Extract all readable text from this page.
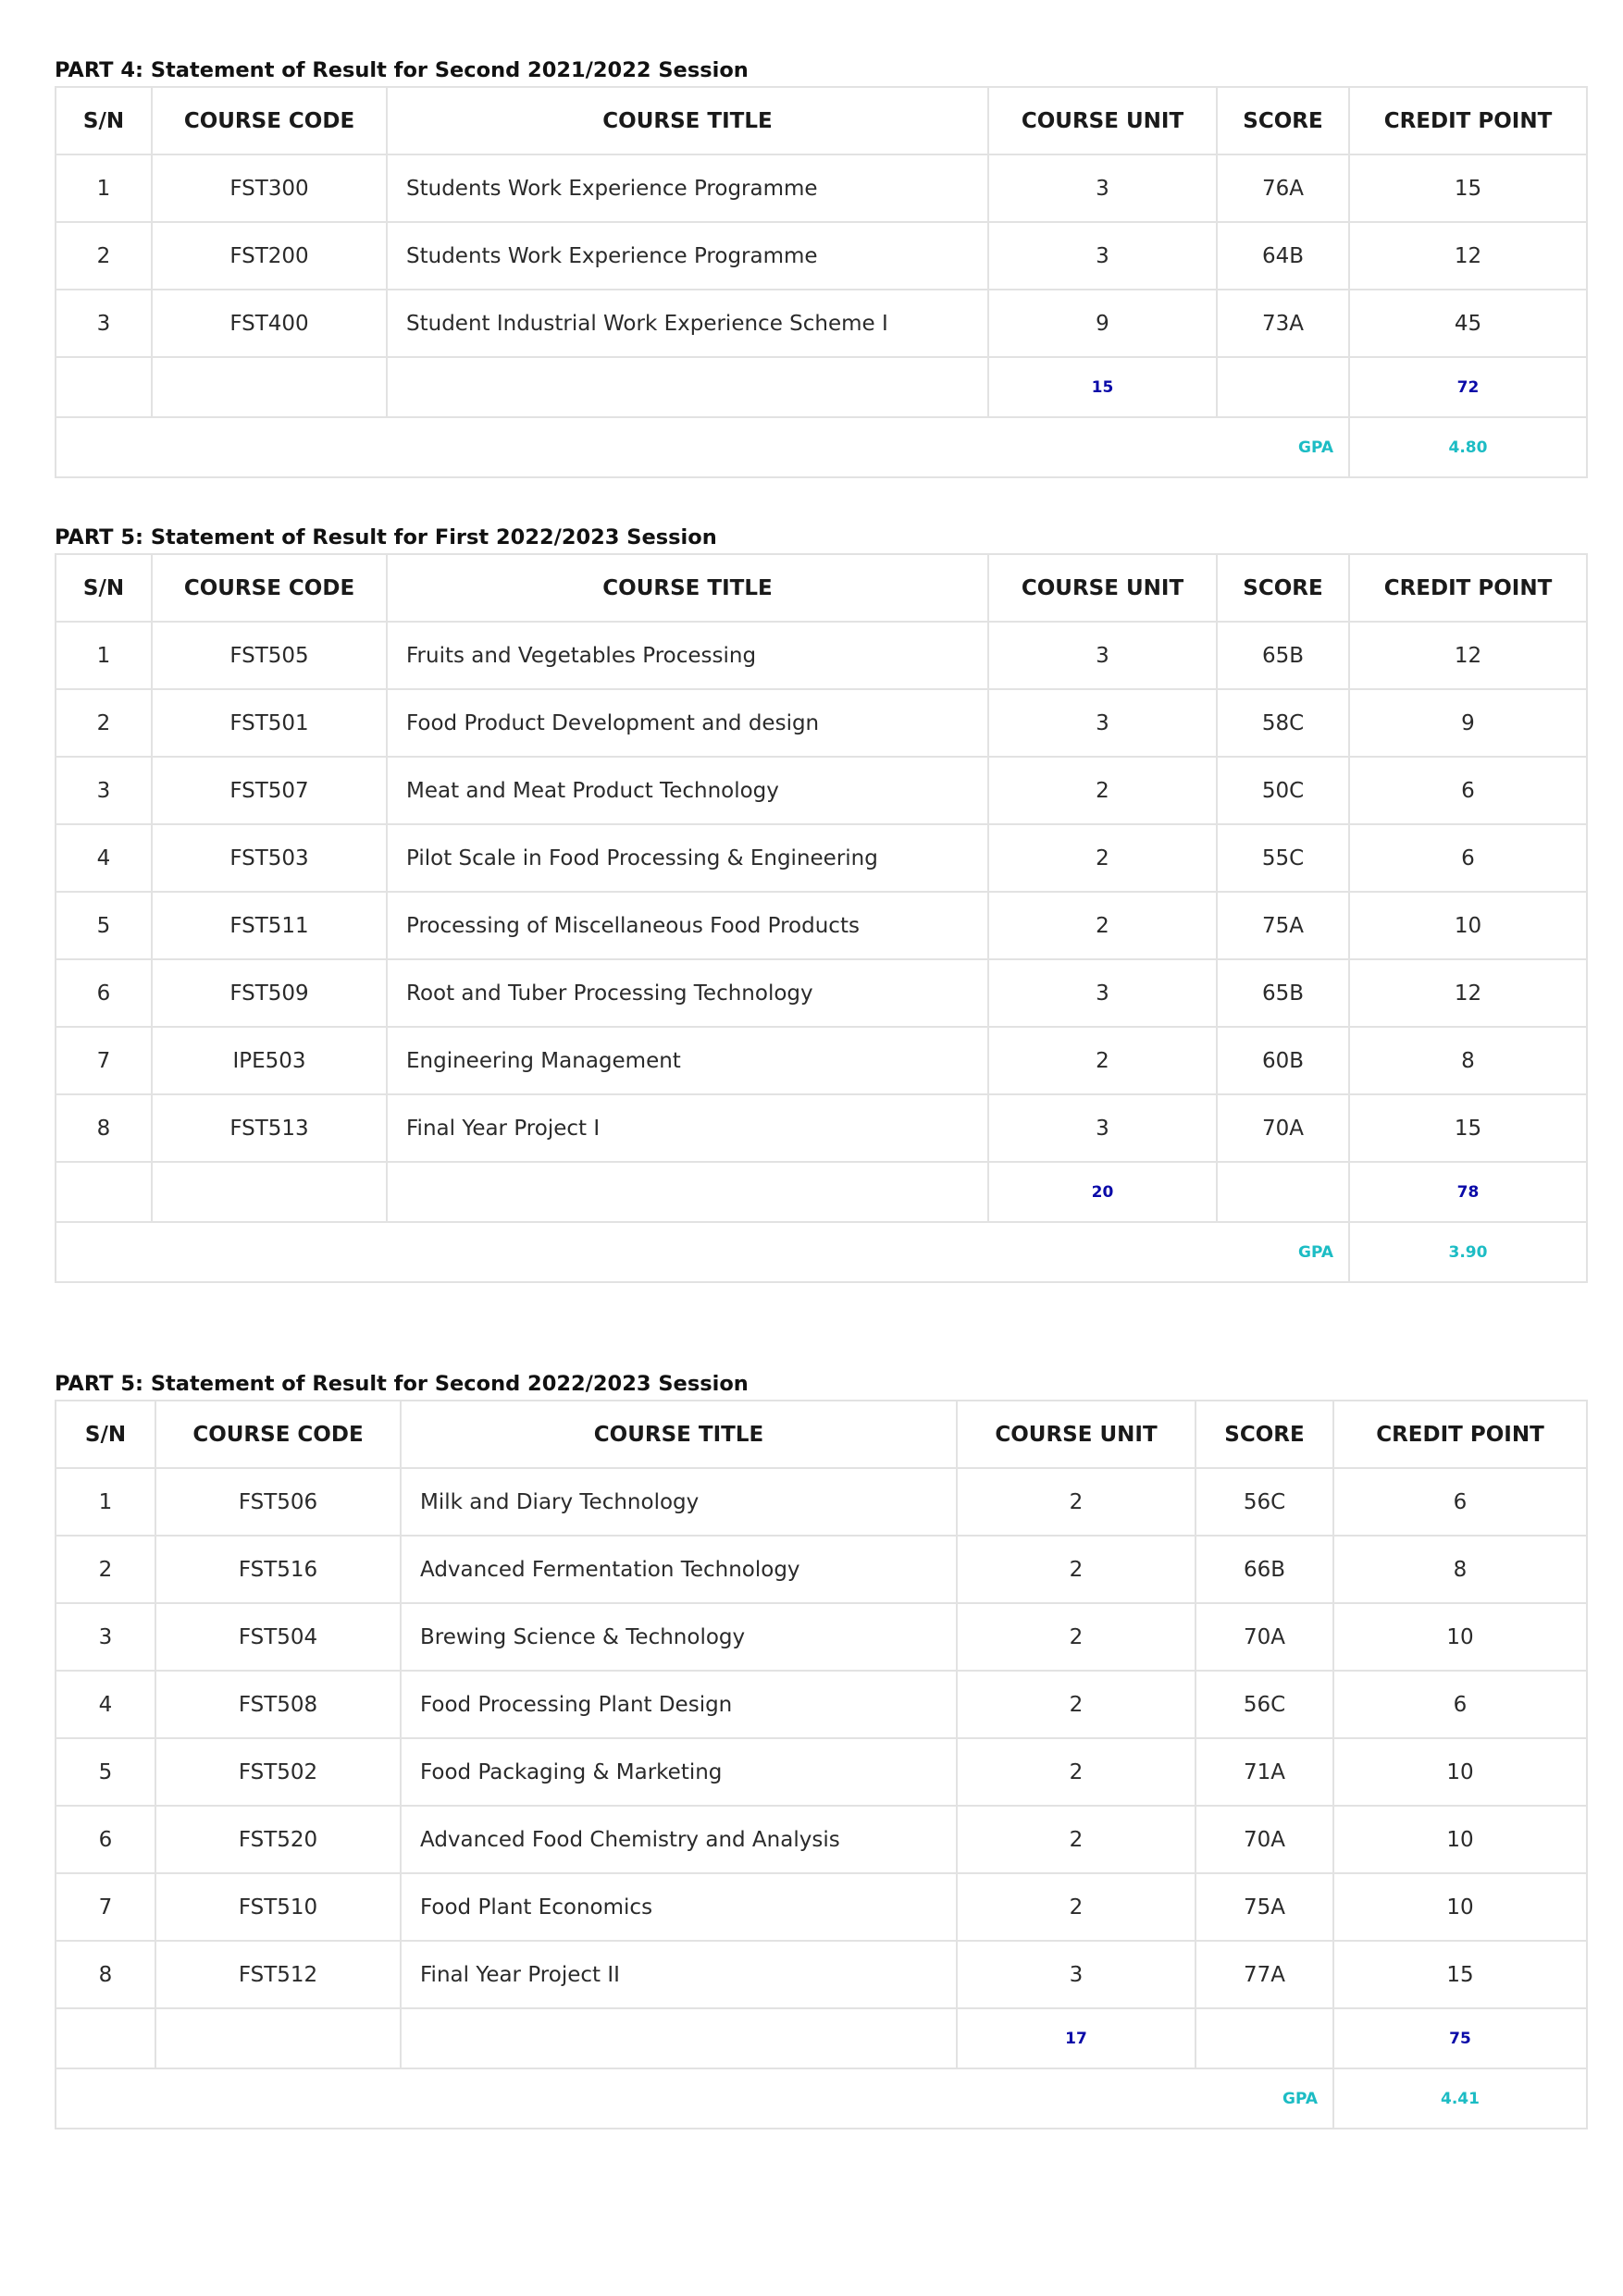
PART 4: Statement of Result for Second 2021/2022 Session
S/N	COURSE CODE	COURSE TITLE	COURSE UNIT	SCORE	CREDIT POINT
1	FST300	Students Work Experience Programme	3	76A	15
2	FST200	Students Work Experience Programme	3	64B	12
3	FST400	Student Industrial Work Experience Scheme I	9	73A	45
			15		72
GPA					4.80
PART 5: Statement of Result for First 2022/2023 Session
S/N	COURSE CODE	COURSE TITLE	COURSE UNIT	SCORE	CREDIT POINT
1	FST505	Fruits and Vegetables Processing	3	65B	12
2	FST501	Food Product Development and design	3	58C	9
3	FST507	Meat and Meat Product Technology	2	50C	6
4	FST503	Pilot Scale in Food Processing & Engineering	2	55C	6
5	FST511	Processing of Miscellaneous Food Products	2	75A	10
6	FST509	Root and Tuber Processing Technology	3	65B	12
7	IPE503	Engineering Management	2	60B	8
8	FST513	Final Year Project I	3	70A	15
			20		78
GPA					3.90
PART 5: Statement of Result for Second 2022/2023 Session
S/N	COURSE CODE	COURSE TITLE	COURSE UNIT	SCORE	CREDIT POINT
1	FST506	Milk and Diary Technology	2	56C	6
2	FST516	Advanced Fermentation Technology	2	66B	8
3	FST504	Brewing Science & Technology	2	70A	10
4	FST508	Food Processing Plant Design	2	56C	6
5	FST502	Food Packaging & Marketing	2	71A	10
6	FST520	Advanced Food Chemistry and Analysis	2	70A	10
7	FST510	Food Plant Economics	2	75A	10
8	FST512	Final Year Project II	3	77A	15
			17		75
GPA					4.41
